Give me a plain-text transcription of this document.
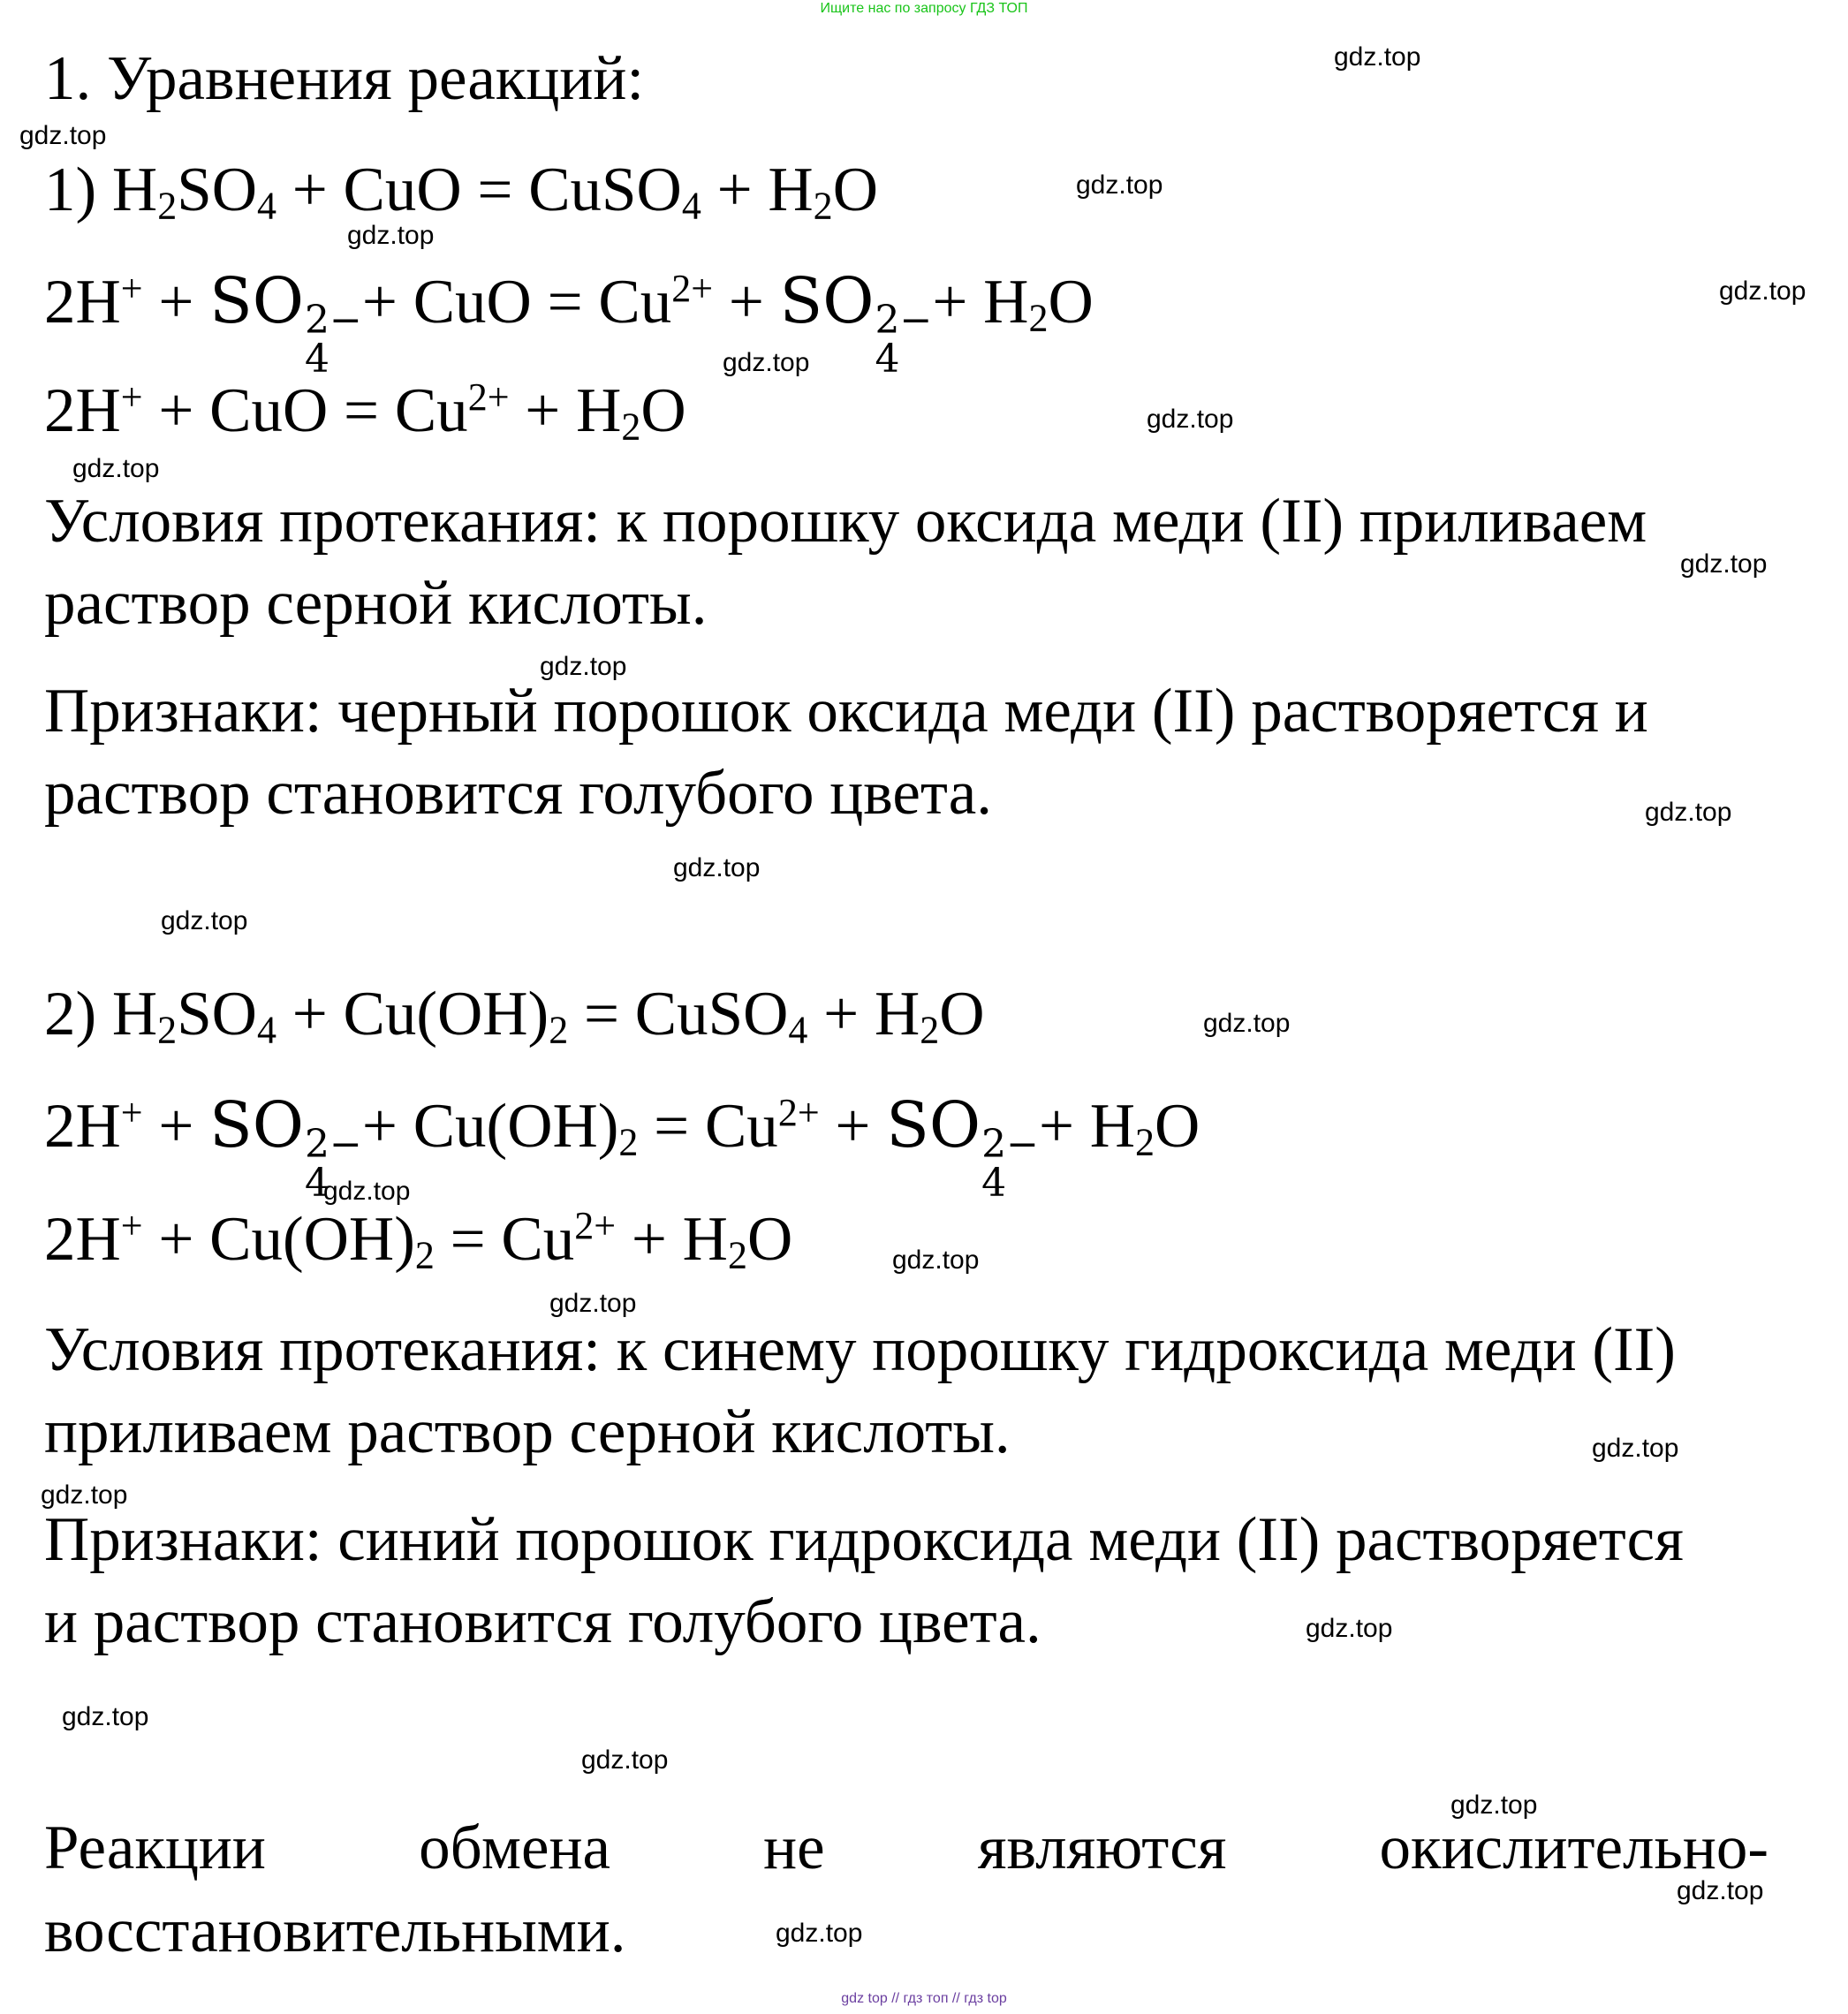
Ищите нас по запросу ГДЗ ТОП
1. Уравнения реакций:
1) $H_2SO_4$ + CuO = CuSO$_4$ + $H_2O$
2H+ + SO 2−
4
+ CuO = $Cu^{2+}$ + SO 2−
4
+ $H_2O$
2H+ + CuO = $Cu^{2+} + H_2O$
Условия протекания: к порошку оксида меди (II) приливаем
раствор серной кислоты.
Признаки: черный порошок оксида меди (II) растворяется и
раствор становится голубого цвета.
2) $H_2SO_4 + Cu(OH)_2$ = CuSO$_4$ + $H_2O$
2H+ + SO 2−
4
+ $Cu(OH)_2 = Cu^{2+}$ + SO 2−
4
+ $H_2O$
$2H^+ + Cu(OH)_2 = Cu^{2+} + H_2O$
Условия протекания: к синему порошку гидроксида меди (II)
приливаем раствор серной кислоты.
Признаки: синий порошок гидроксида меди (II) растворяется
и раствор становится голубого цвета.
Реакции обмена не являются окислительно-
восстановительными.
gdz.top
gdz.top
gdz.top
gdz.top
gdz.top
gdz.top
gdz.top
gdz.top
gdz.top
gdz.top
gdz.top
gdz.top
gdz.top
gdz.top
gdz.top
gdz.top
gdz.top
gdz.top
gdz.top
gdz.top
gdz.top
gdz.top
gdz.top
gdz.top
gdz.top
gdz top // гдз топ // гдз top
